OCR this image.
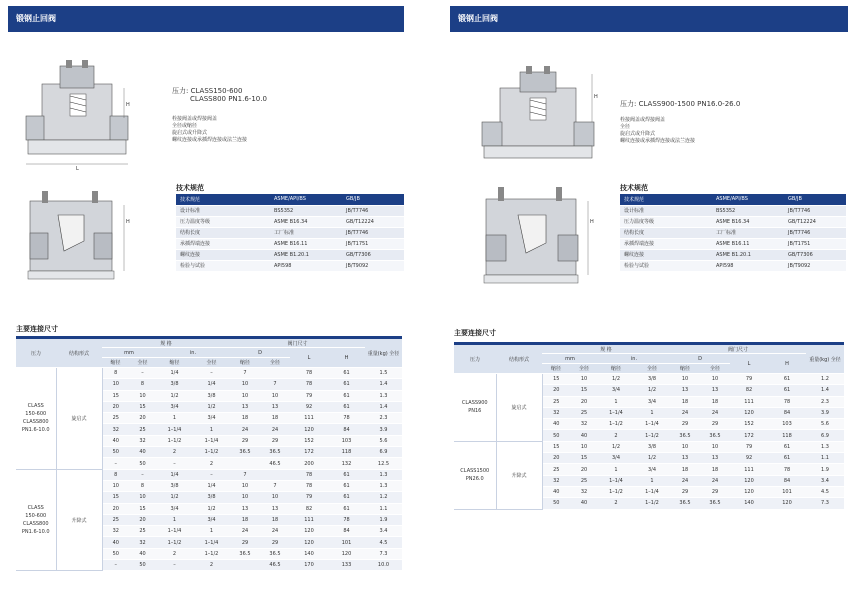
锻钢止回阀
H
L
H
压力: CLASS150-600
CLASS800 PN1.6-10.0
栓接阀盖或焊接阀盖
全径或缩径
旋启式或升降式
螺纹连接或承插焊连接或法兰连接
技术规范
技术规范	ASME/API/BS	GB/JB
设计标准	BS5352	JB/T7746
压力温度等级	ASME B16.34	GB/T12224
结构长度	工厂标准	JB/T7746
承插焊端连接	ASME B16.11	JB/T1751
螺纹连接	ASME B1.20.1	GB/T7306
检验与试验	API598	JB/T9092
主要连接尺寸
压力	结构形式	规 格				阀门尺寸				重量(kg) 全径
		mm		in.		D		L	H	
		缩径	全径	缩径	全径	缩径	全径			

CLASS
150-600
CLASS800
PN1.6-10.0	旋启式	8	–	1/4	–	7		78	61	1.5
		10	8	3/8	1/4	10	7	78	61	1.4
		15	10	1/2	3/8	10	10	79	61	1.3
		20	15	3/4	1/2	13	13	92	61	1.4
		25	20	1	3/4	18	18	111	78	2.3
		32	25	1–1/4	1	24	24	120	84	3.9
		40	32	1–1/2	1–1/4	29	29	152	103	5.6
		50	40	2	1–1/2	36.5	36.5	172	118	6.9
		–	50	–	2		46.5	200	132	12.5

CLASS
150-600
CLASS800
PN1.6-10.0	升降式	8	–	1/4	–	7		78	61	1.3
		10	8	3/8	1/4	10	7	78	61	1.3
		15	10	1/2	3/8	10	10	79	61	1.2
		20	15	3/4	1/2	13	13	82	61	1.1
		25	20	1	3/4	18	18	111	78	1.9
		32	25	1–1/4	1	24	24	120	84	3.4
		40	32	1–1/2	1–1/4	29	29	120	101	4.5
		50	40	2	1–1/2	36.5	36.5	140	120	7.3
		–	50	–	2		46.5	170	133	10.0
锻钢止回阀
H
H
压力: CLASS900-1500 PN16.0-26.0
栓接阀盖或焊接阀盖
全径
旋启式或升降式
螺纹连接或承插焊连接或法兰连接
技术规范
技术规范	ASME/API/BS	GB/JB
设计标准	BS5352	JB/T7746
压力温度等级	ASME B16.34	GB/T12224
结构长度	工厂标准	JB/T7746
承插焊端连接	ASME B16.11	JB/T1751
螺纹连接	ASME B1.20.1	GB/T7306
检验与试验	API598	JB/T9092
主要连接尺寸
压力	结构形式	规 格				阀门尺寸				重量(kg) 全径
		mm		in.		D		L	H	
		缩径	全径	缩径	全径	缩径	全径			

CLASS900
PN16	旋启式	15	10	1/2	3/8	10	10	79	61	1.2
		20	15	3/4	1/2	13	13	82	61	1.4
		25	20	1	3/4	18	18	111	78	2.3
		32	25	1–1/4	1	24	24	120	84	3.9
		40	32	1–1/2	1–1/4	29	29	152	103	5.6
		50	40	2	1–1/2	36.5	36.5	172	118	6.9

CLASS1500
PN26.0	升降式	15	10	1/2	3/8	10	10	79	61	1.3
		20	15	3/4	1/2	13	13	92	61	1.1
		25	20	1	3/4	18	18	111	78	1.9
		32	25	1–1/4	1	24	24	120	84	3.4
		40	32	1–1/2	1–1/4	29	29	120	101	4.5
		50	40	2	1–1/2	36.5	36.5	140	120	7.3
